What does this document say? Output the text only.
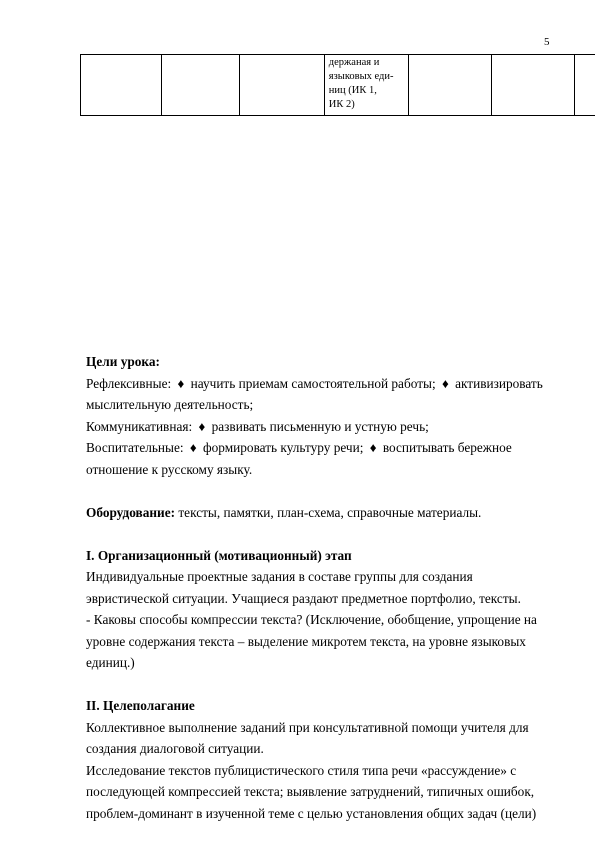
5

держаная и
языковых еди-
ниц (ИК 1,
ИК 2)

Цели урока:

Рефлексивные: ♦ научить приемам самостоятельной работы; ♦ активизировать мыслительную деятельность;

Коммуникативная: ♦ развивать письменную и устную речь;

Воспитательные: ♦ формировать культуру речи; ♦ воспитывать бережное отношение к русскому языку.

Оборудование: тексты, памятки, план-схема, справочные материалы.

I. Организационный (мотивационный) этап

Индивидуальные проектные задания в составе группы для создания эвристической ситуации. Учащиеся раздают предметное портфолио, тексты.

- Каковы способы компрессии текста? (Исключение, обобщение, упрощение на уровне содержания текста – выделение микротем текста, на уровне языковых единиц.)

II. Целеполагание

Коллективное выполнение заданий при консультативной помощи учителя для создания диалоговой ситуации.

Исследование текстов публицистического стиля типа речи «рассуждение» с последующей компрессией текста; выявление затруднений, типичных ошибок, проблем-доминант в изученной теме с целью установления общих задач (цели)
